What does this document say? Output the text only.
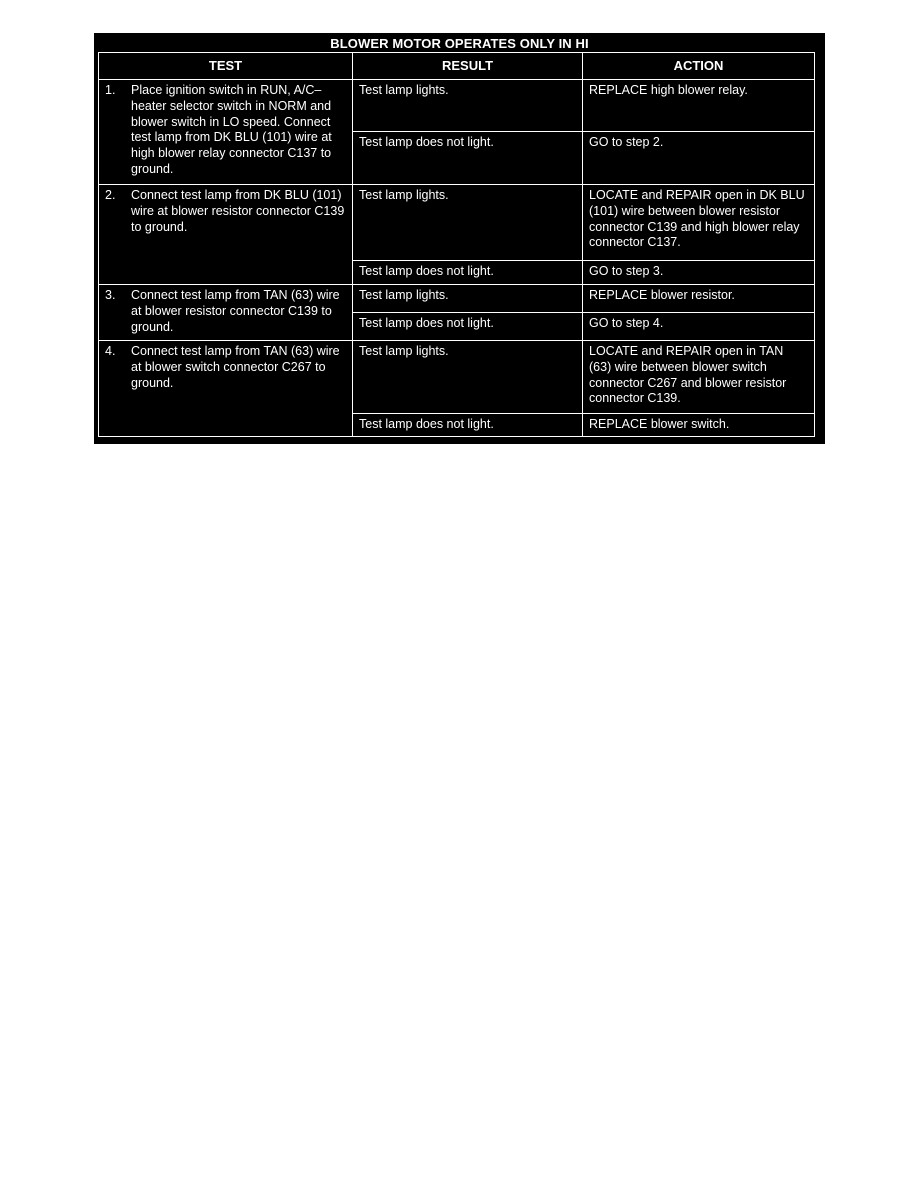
BLOWER MOTOR OPERATES ONLY IN HI
TEST	RESULT	ACTION

1. Place ignition switch in RUN, A/C–heater selector switch in NORM and blower switch in LO speed. Connect test lamp from DK BLU (101) wire at high blower relay connector C137 to ground.	Test lamp lights.	REPLACE high blower relay.
	Test lamp does not light.	GO to step 2.

2. Connect test lamp from DK BLU (101) wire at blower resistor connector C139 to ground.	Test lamp lights.	LOCATE and REPAIR open in DK BLU (101) wire between blower resistor connector C139 and high blower relay connector C137.
	Test lamp does not light.	GO to step 3.

3. Connect test lamp from TAN (63) wire at blower resistor connector C139 to ground.	Test lamp lights.	REPLACE blower resistor.
	Test lamp does not light.	GO to step 4.

4. Connect test lamp from TAN (63) wire at blower switch connector C267 to ground.	Test lamp lights.	LOCATE and REPAIR open in TAN (63) wire between blower switch connector C267 and blower resistor connector C139.
	Test lamp does not light.	REPLACE blower switch.
